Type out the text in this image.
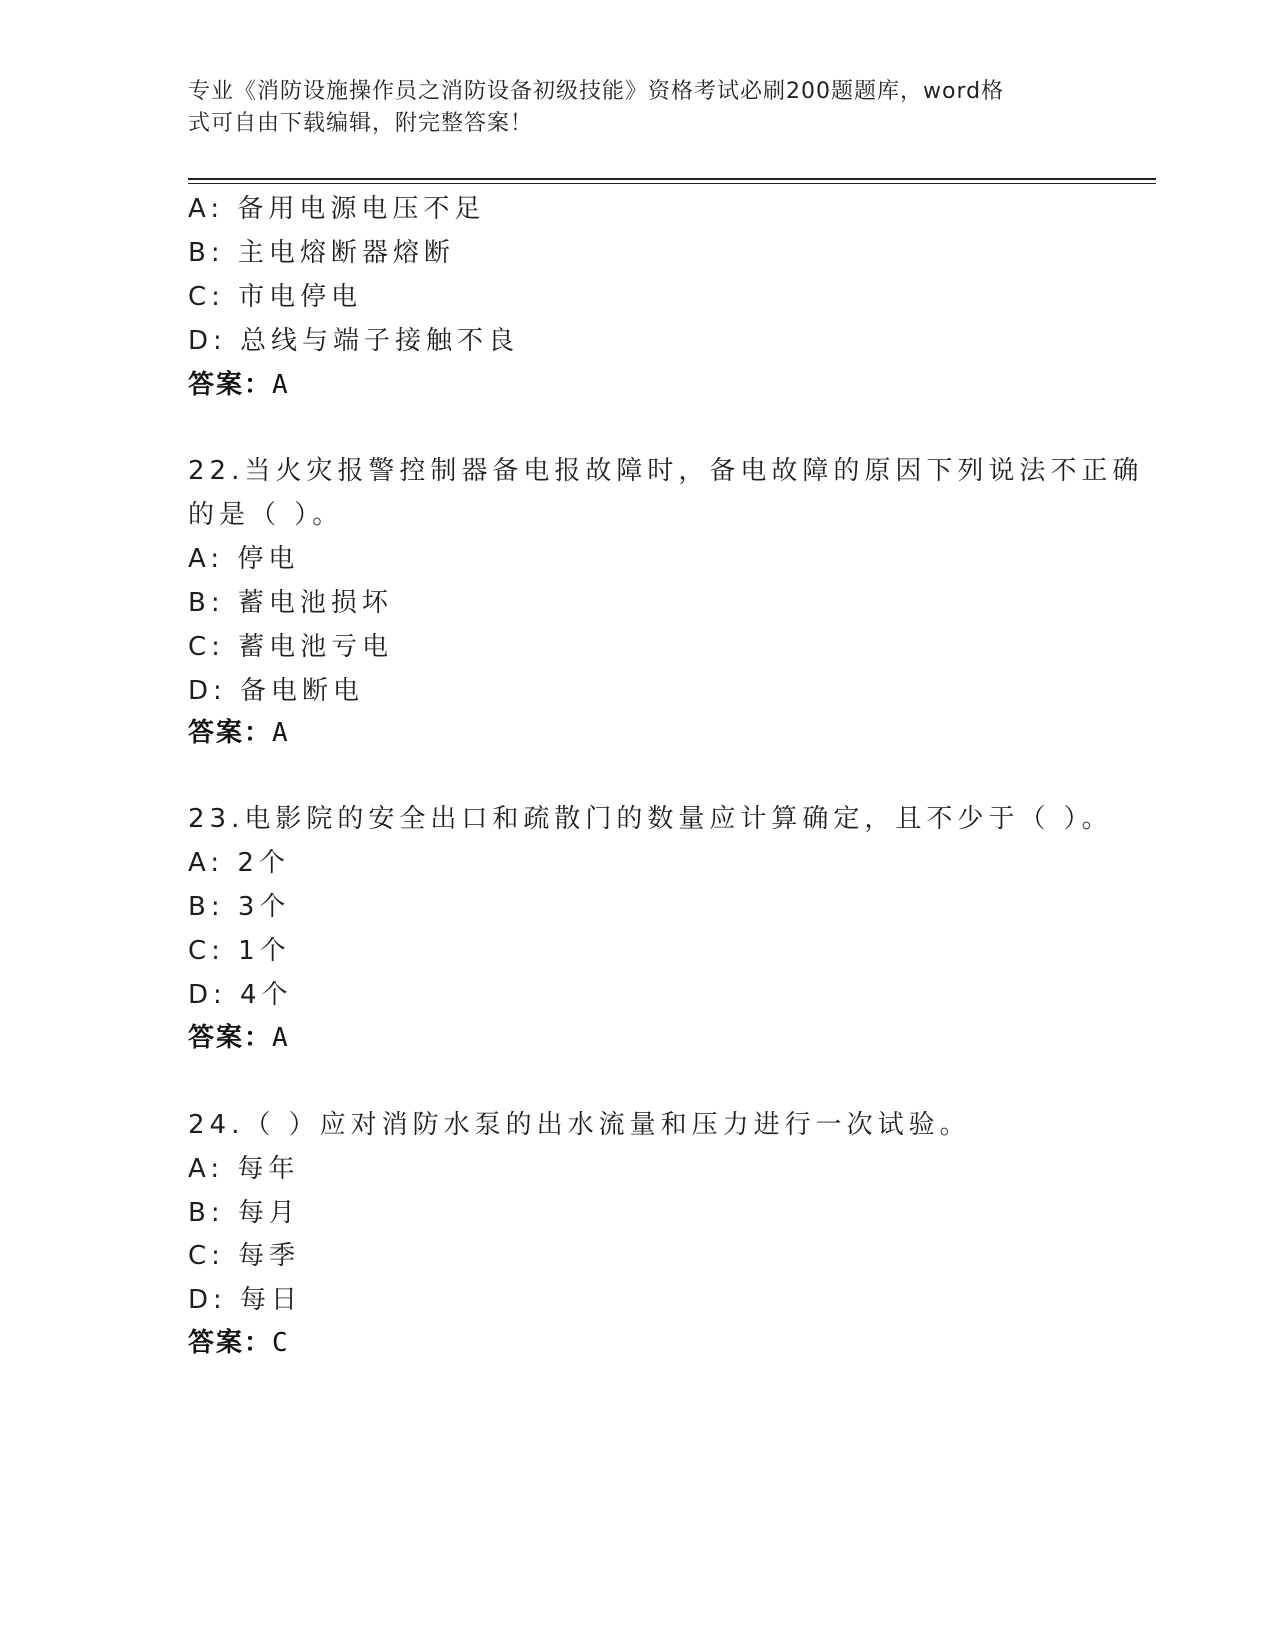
专业《消防设施操作员之消防设备初级技能》资格考试必刷200题题库，word格
式可自由下载编辑，附完整答案！
A: 备用电源电压不足
B: 主电熔断器熔断
C: 市电停电
D: 总线与端子接触不良
答案：A
22.当火灾报警控制器备电报故障时，备电故障的原因下列说法不正确
的是（ ）。
A: 停电
B: 蓄电池损坏
C: 蓄电池亏电
D: 备电断电
答案：A
23.电影院的安全出口和疏散门的数量应计算确定，且不少于（ ）。
A: 2个
B: 3个
C: 1个
D: 4个
答案：A
24.（ ）应对消防水泵的出水流量和压力进行一次试验。
A: 每年
B: 每月
C: 每季
D: 每日
答案：C
